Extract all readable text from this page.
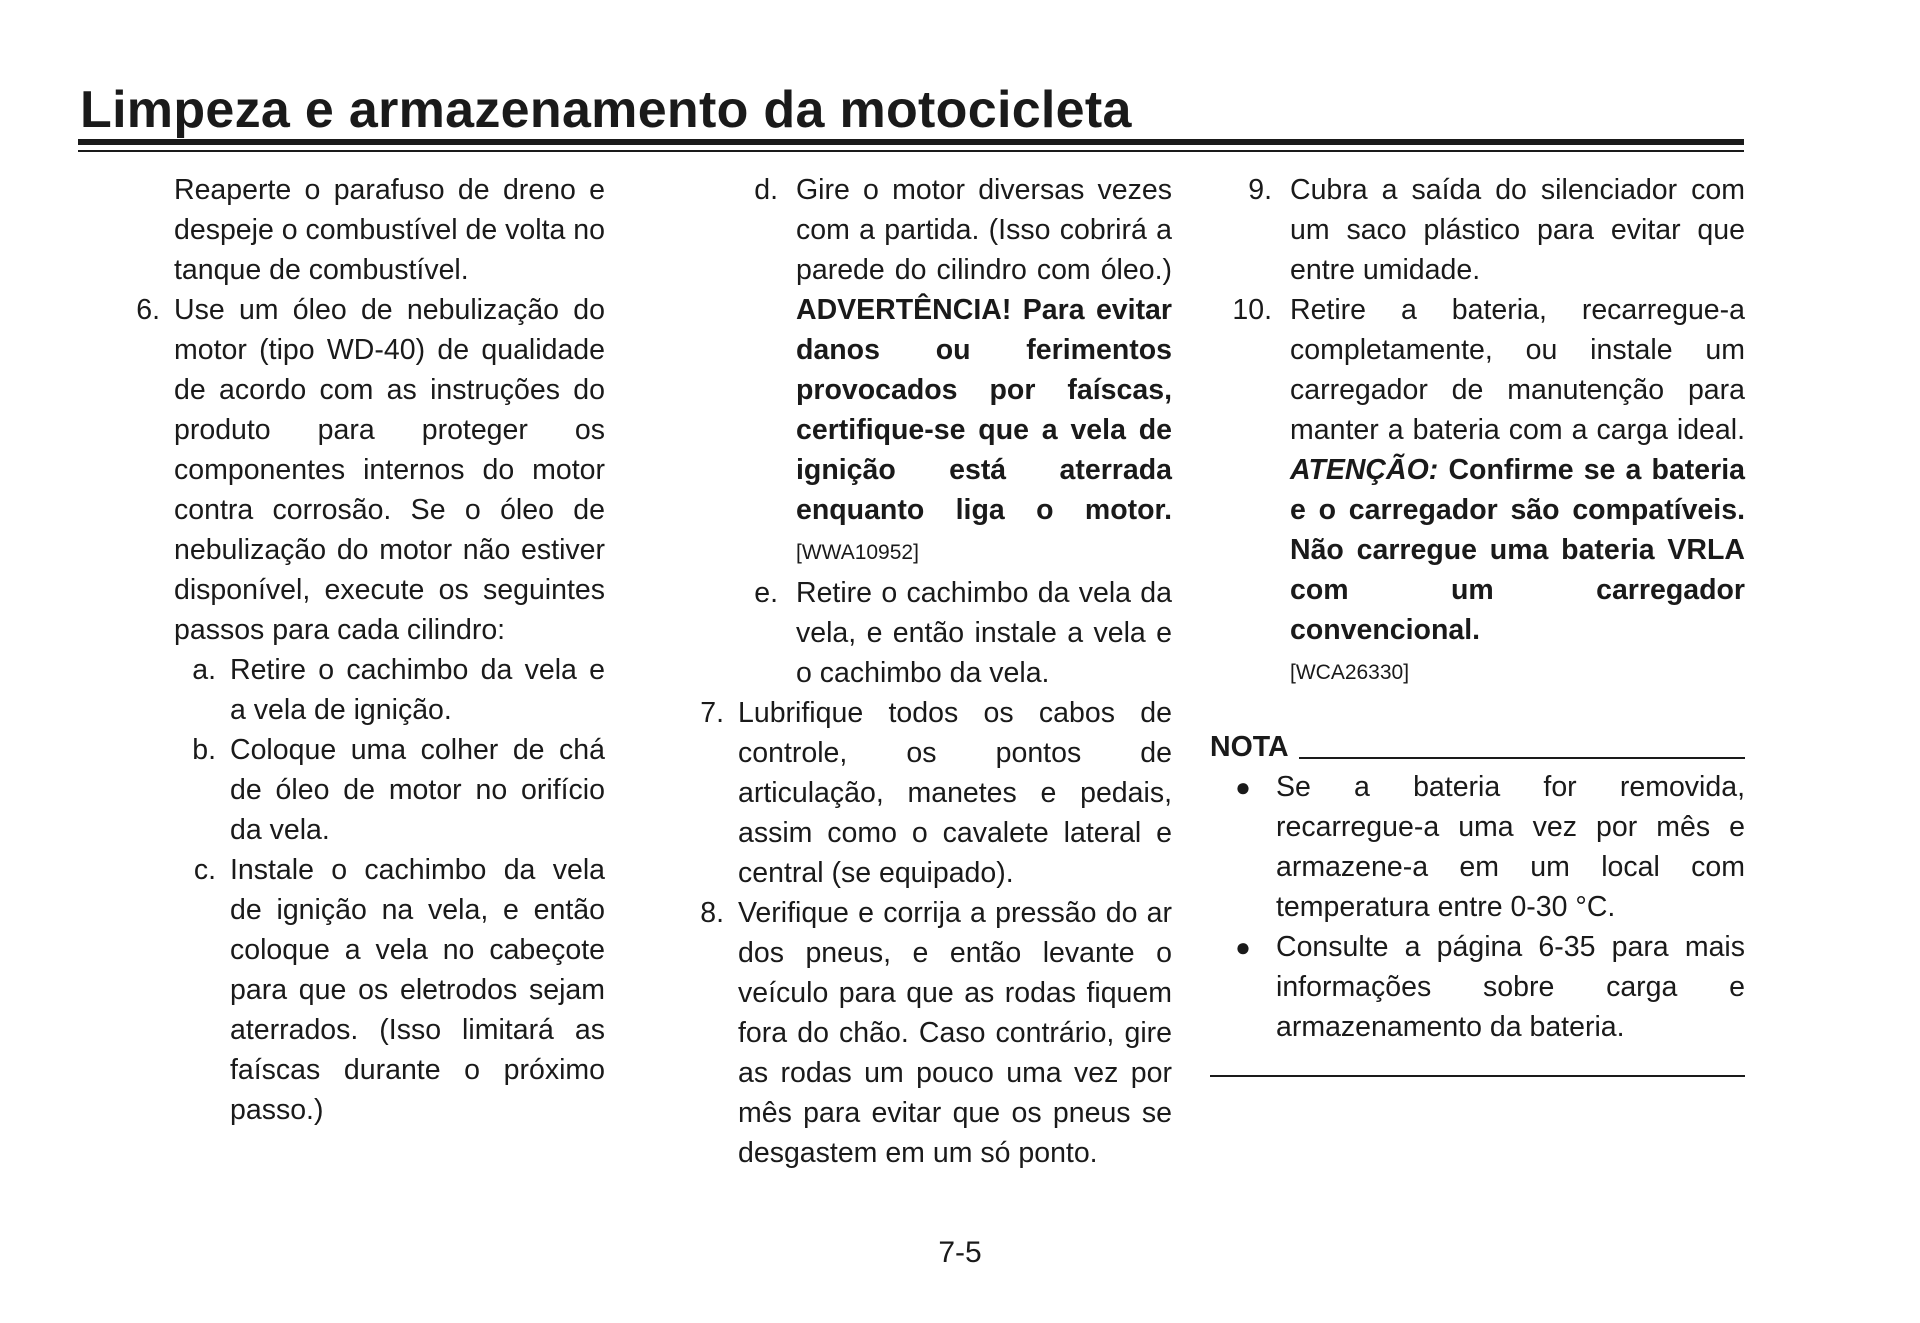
Limpeza e armazenamento da motocicleta
Reaperte o parafuso de dreno e despeje o combustível de volta no tanque de combustível.
6. Use um óleo de nebulização do motor (tipo WD-40) de qualidade de acordo com as instruções do produto para proteger os componentes internos do motor contra corrosão. Se o óleo de nebulização do motor não estiver disponível, execute os seguintes passos para cada cilindro:
a. Retire o cachimbo da vela e a vela de ignição.
b. Coloque uma colher de chá de óleo de motor no orifício da vela.
c. Instale o cachimbo da vela de ignição na vela, e então coloque a vela no cabeçote para que os eletrodos sejam aterrados. (Isso limitará as faíscas durante o próximo passo.)
d. Gire o motor diversas vezes com a partida. (Isso cobrirá a parede do cilindro com óleo.) ADVERTÊNCIA! Para evitar danos ou ferimentos provocados por faíscas, certifique-se que a vela de ignição está aterrada enquanto liga o motor. [WWA10952]
e. Retire o cachimbo da vela da vela, e então instale a vela e o cachimbo da vela.
7. Lubrifique todos os cabos de controle, os pontos de articulação, manetes e pedais, assim como o cavalete lateral e central (se equipado).
8. Verifique e corrija a pressão do ar dos pneus, e então levante o veículo para que as rodas fiquem fora do chão. Caso contrário, gire as rodas um pouco uma vez por mês para evitar que os pneus se desgastem em um só ponto.
9. Cubra a saída do silenciador com um saco plástico para evitar que entre umidade.
10. Retire a bateria, recarregue-a completamente, ou instale um carregador de manutenção para manter a bateria com a carga ideal. ATENÇÃO: Confirme se a bateria e o carregador são compatíveis. Não carregue uma bateria VRLA com um carregador convencional.
[WCA26330]
NOTA
● Se a bateria for removida, recarregue-a uma vez por mês e armazene-a em um local com temperatura entre 0-30 °C.
● Consulte a página 6-35 para mais informações sobre carga e armazenamento da bateria.
7-5
